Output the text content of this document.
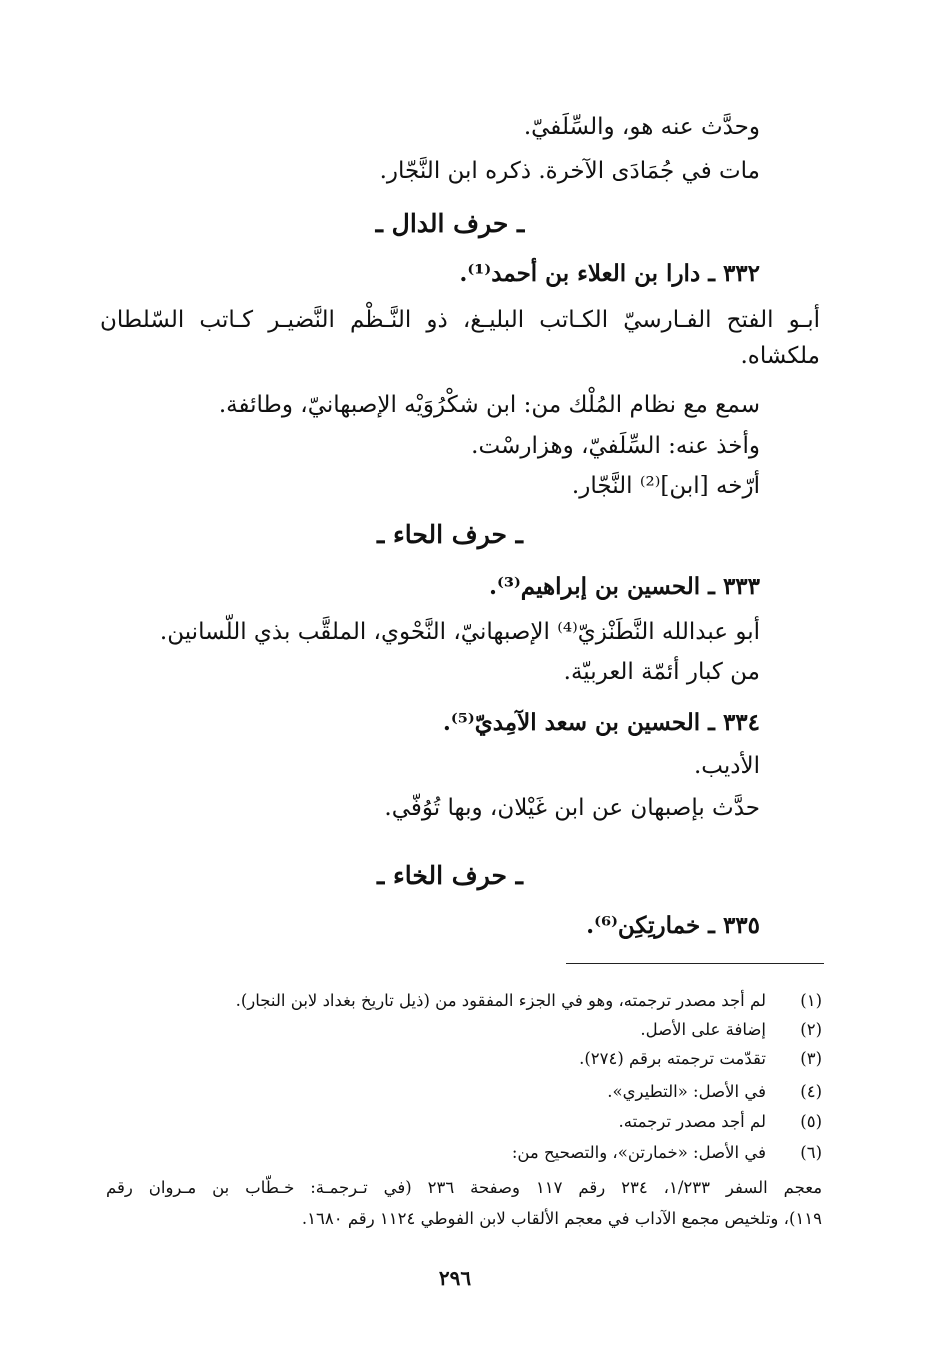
وحدَّث عنه هو، والسِّلَفيّ.
مات في جُمَادَى الآخرة. ذكره ابن النَّجّار.
ـ حرف الدال ـ
٣٣٢ ـ دارا بن العلاء بن أحمد⁽¹⁾.
أبـو الفتح الفـارسيّ الكـاتب البليـغ، ذو النَّـظْم النَّضيـر كـاتب السّلطان
ملكشاه.
سمع مع نظام المُلْك من: ابن شكْرُوَيْه الإصبهانيّ، وطائفة.
وأخذ عنه: السِّلَفيّ، وهزارسْت.
أرّخه [ابن]⁽²⁾ النَّجّار.
ـ حرف الحاء ـ
٣٣٣ ـ الحسين بن إبراهيم⁽³⁾.
أبو عبدالله النَّطَنْزيّ⁽⁴⁾ الإصبهانيّ، النَّحْوي، الملقَّب بذي اللّسانين.
من كبار أئمّة العربيّة.
٣٣٤ ـ الحسين بن سعد الآمِديّ⁽⁵⁾.
الأديب.
حدَّث بإصبهان عن ابن غَيْلان، وبها تُوُفّي.
ـ حرف الخاء ـ
٣٣٥ ـ خمارتِكِن⁽⁶⁾.
(١)لم أجد مصدر ترجمته، وهو في الجزء المفقود من (ذيل تاريخ بغداد لابن النجار).
(٢)إضافة على الأصل.
(٣)تقدّمت ترجمته برقم (٢٧٤).
(٤)في الأصل: «التطيري».
(٥)لم أجد مصدر ترجمته.
(٦)في الأصل: «خمارتن»، والتصحيح من:
معجم السفر ١/٢٣٣، ٢٣٤ رقم ١١٧ وصفحة ٢٣٦ (في تـرجمـة: خـطّاب بن مـروان رقم
١١٩)، وتلخيص مجمع الآداب في معجم الألقاب لابن الفوطي ١١٢٤ رقم ١٦٨٠.
٢٩٦
